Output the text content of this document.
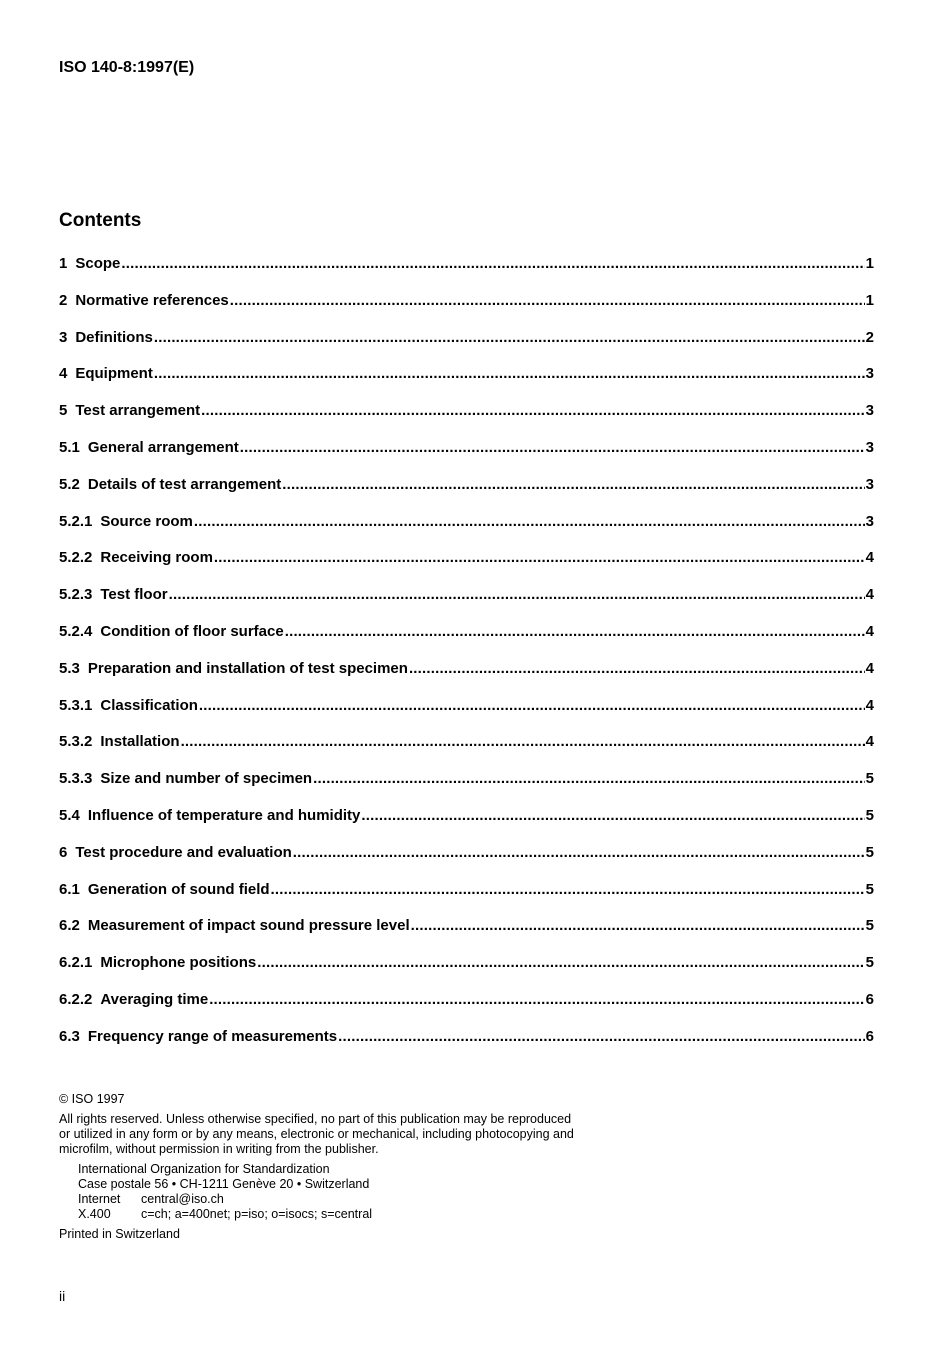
ISO 140-8:1997(E)
Contents
1 Scope .....	1
2 Normative references .....	1
3 Definitions .....	2
4 Equipment .....	3
5 Test arrangement .....	3
5.1 General arrangement .....	3
5.2 Details of test arrangement .....	3
5.2.1 Source room .....	3
5.2.2 Receiving room .....	4
5.2.3 Test floor .....	4
5.2.4 Condition of floor surface .....	4
5.3 Preparation and installation of test specimen .....	4
5.3.1 Classification .....	4
5.3.2 Installation .....	4
5.3.3 Size and number of specimen .....	5
5.4 Influence of temperature and humidity .....	5
6 Test procedure and evaluation .....	5
6.1 Generation of sound field .....	5
6.2 Measurement of impact sound pressure level .....	5
6.2.1 Microphone positions .....	5
6.2.2 Averaging time .....	6
6.3 Frequency range of measurements .....	6
© ISO 1997
All rights reserved. Unless otherwise specified, no part of this publication may be reproduced
or utilized in any form or by any means, electronic or mechanical, including photocopying and
microfilm, without permission in writing from the publisher.
International Organization for Standardization
Case postale 56 • CH-1211 Genève 20 • Switzerland
Internet central@iso.ch
X.400 c=ch; a=400net; p=iso; o=isocs; s=central
Printed in Switzerland
ii
